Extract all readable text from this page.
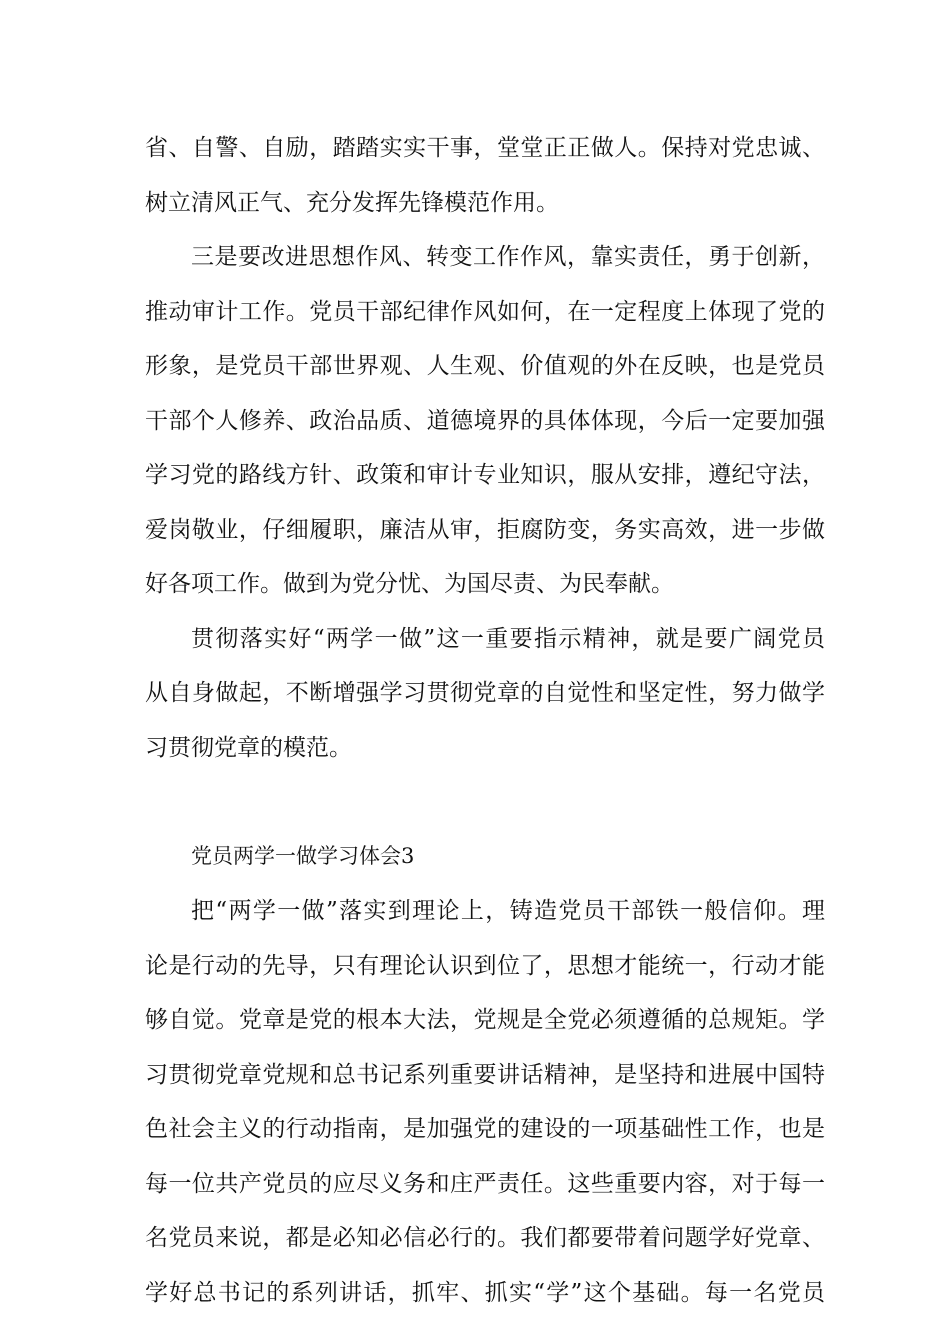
省、自警、自励，踏踏实实干事，堂堂正正做人。保持对党忠诚、
树立清风正气、充分发挥先锋模范作用。
三是要改进思想作风、转变工作作风，靠实责任，勇于创新，
推动审计工作。党员干部纪律作风如何，在一定程度上体现了党的
形象，是党员干部世界观、人生观、价值观的外在反映，也是党员
干部个人修养、政治品质、道德境界的具体体现，今后一定要加强
学习党的路线方针、政策和审计专业知识，服从安排，遵纪守法，
爱岗敬业，仔细履职，廉洁从审，拒腐防变，务实高效，进一步做
好各项工作。做到为党分忧、为国尽责、为民奉献。
贯彻落实好“两学一做”这一重要指示精神，就是要广阔党员
从自身做起，不断增强学习贯彻党章的自觉性和坚定性，努力做学
习贯彻党章的模范。
党员两学一做学习体会3
把“两学一做”落实到理论上，铸造党员干部铁一般信仰。理
论是行动的先导，只有理论认识到位了，思想才能统一，行动才能
够自觉。党章是党的根本大法，党规是全党必须遵循的总规矩。学
习贯彻党章党规和总书记系列重要讲话精神，是坚持和进展中国特
色社会主义的行动指南，是加强党的建设的一项基础性工作，也是
每一位共产党员的应尽义务和庄严责任。这些重要内容，对于每一
名党员来说，都是必知必信必行的。我们都要带着问题学好党章、
学好总书记的系列讲话，抓牢、抓实“学”这个基础。每一名党员
